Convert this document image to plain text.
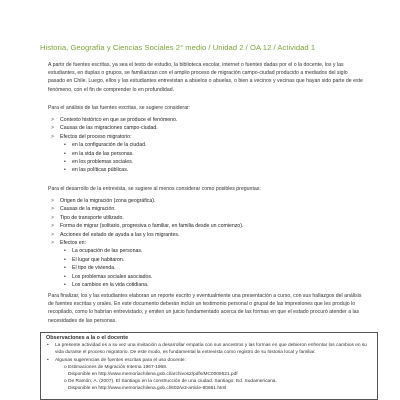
Historia, Geografía y Ciencias Sociales 2° medio / Unidad 2 / OA 12 / Actividad 1
A partir de fuentes escritas, ya sea el texto de estudio, la biblioteca escolar, internet o fuentes dadas por el o la docente, los y las estudiantes, en duplas o grupos, se familiarizan con el amplio proceso de migración campo-ciudad producido a mediados del siglo pasado en Chile. Luego, ellos y las estudiantes entrevistan a abuelos o abuelas, o bien a vecinos y vecinas que hayan sido parte de este fenómeno, con el fin de comprender lo en profundidad.
Para el análisis de las fuentes escritas, se sugiere considerar:
> Contexto histórico en que se produce el fenómeno.
> Causas de las migraciones campo-ciudad.
> Efectos del proceso migratorio:
• en la configuración de la ciudad.
• en la vida de las personas.
• en los problemas sociales.
• en las políticas públicas.
Para el desarrollo de la entrevista, se sugiere al menos considerar como posibles preguntas:
> Origen de la migración (zona geográfica).
> Causas de la migración.
> Tipo de transporte utilizado.
> Forma de migrar (solitario, progresiva o familiar, en familia desde un comienzo).
> Acciones del estado de ayuda a las y los migrantes.
> Efectos en:
• La ocupación de las personas.
• El lugar que habitaron.
• El tipo de vivienda.
• Los problemas sociales asociados.
• Los cambios en la vida cotidiana.
Para finalizar, los y las estudiantes elaboran un reporte escrito y eventualmente una presentación a curso, con sus hallazgos del análisis de fuentes escritas y orales. En este documento deberán incluir un testimonio personal o grupal de las impresiones que les produjo lo recopilado, como lo habrían entrevistado, y emiten un juicio fundamentado acerca de las formas en que el estado procuró atender a las necesidades de las personas.
Observaciones a la o el docente
• La presente actividad es a su vez una invitación a desarrollar empatía con sus ancestros y las formas en que debieron enfrentar los cambios en su vida durante el proceso migratorio. De este modo, es fundamental la entrevista como registro de su historia local y familiar.
• Algunas sugerencias de fuentes escritas para el uso docente:
o Estimaciones de Migración Interna 1967-1968.
Disponible en http://www.memoriachilena.gob.cl/archivos2/pdfs/MC0009521.pdf
o De Ramón, A. (2007). El Santiago en la construcción de una ciudad. Santiago: Ed. Sudamericana.
Disponible en http://www.memoriachilena.gob.cl/602/w3-article-80681.html
